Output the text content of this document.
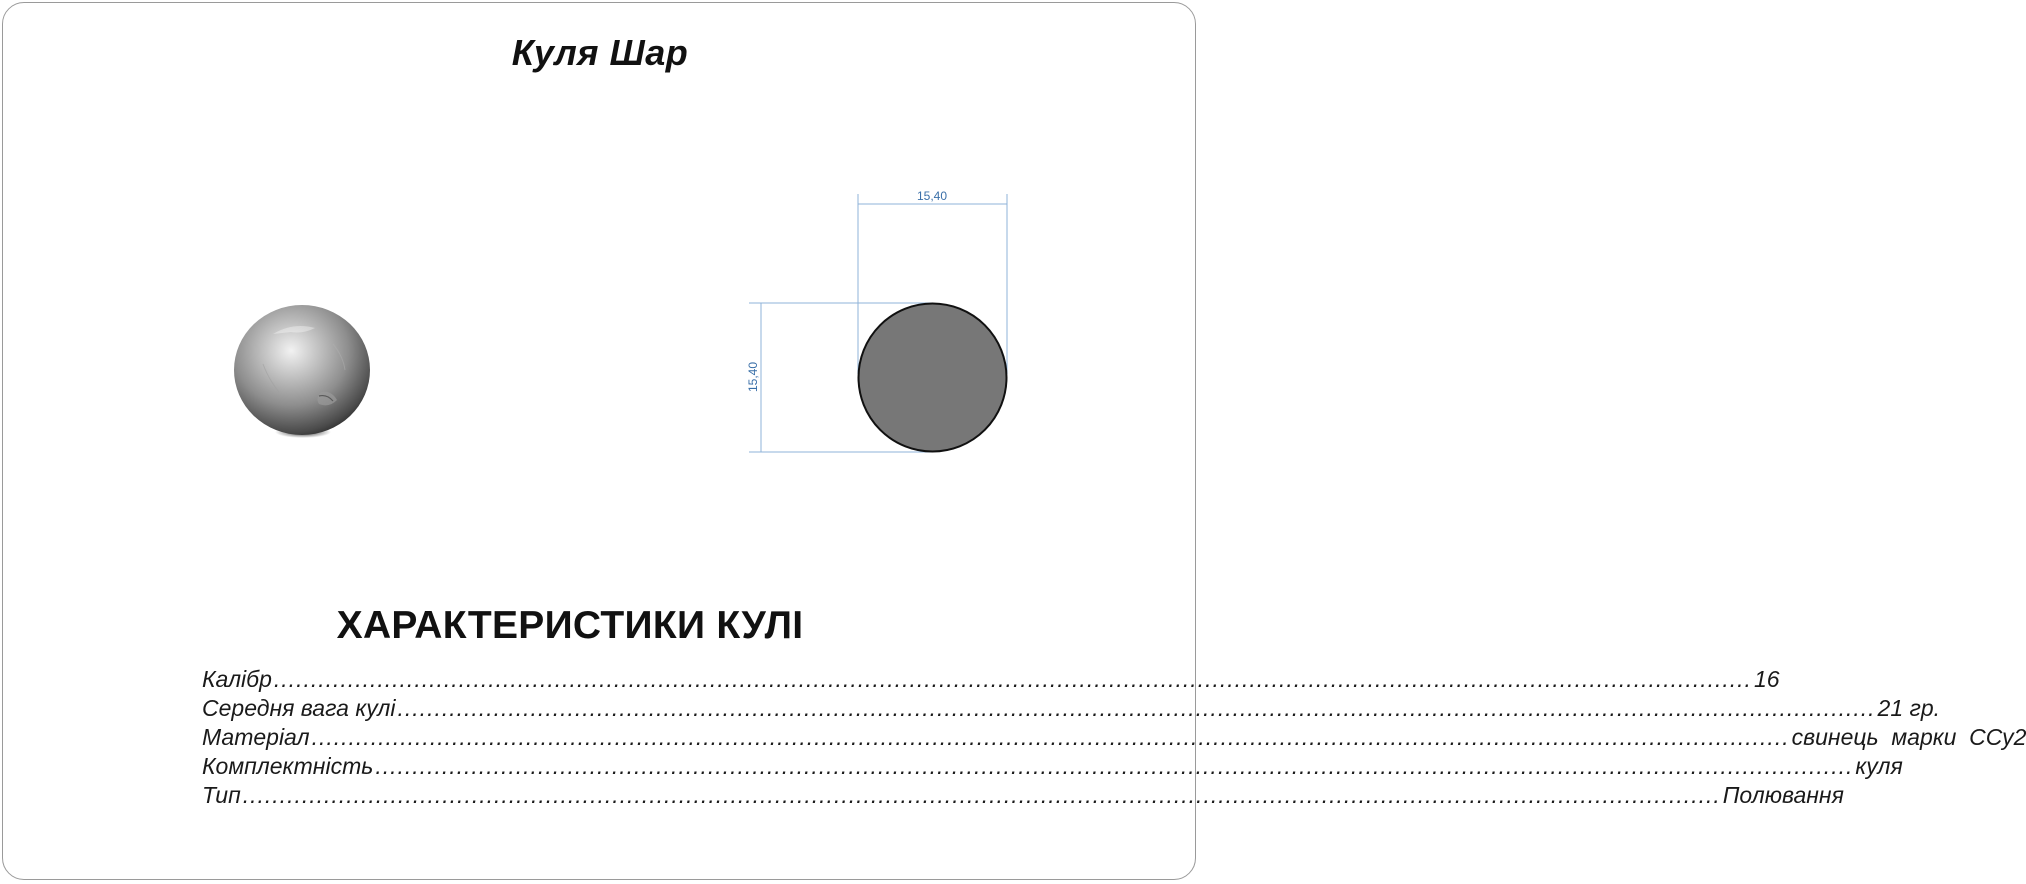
Куля Шар
15,40
15,40
ХАРАКТЕРИСТИКИ КУЛІ
Калібр ........................................................................................................................................................................................................ 16
Середня вага кулі ........................................................................................................................................................................................................ 21 гр.
Матеріал ........................................................................................................................................................................................................ свинець  марки  ССу2
Комплектність ........................................................................................................................................................................................................ куля
Тип ........................................................................................................................................................................................................ Полювання
